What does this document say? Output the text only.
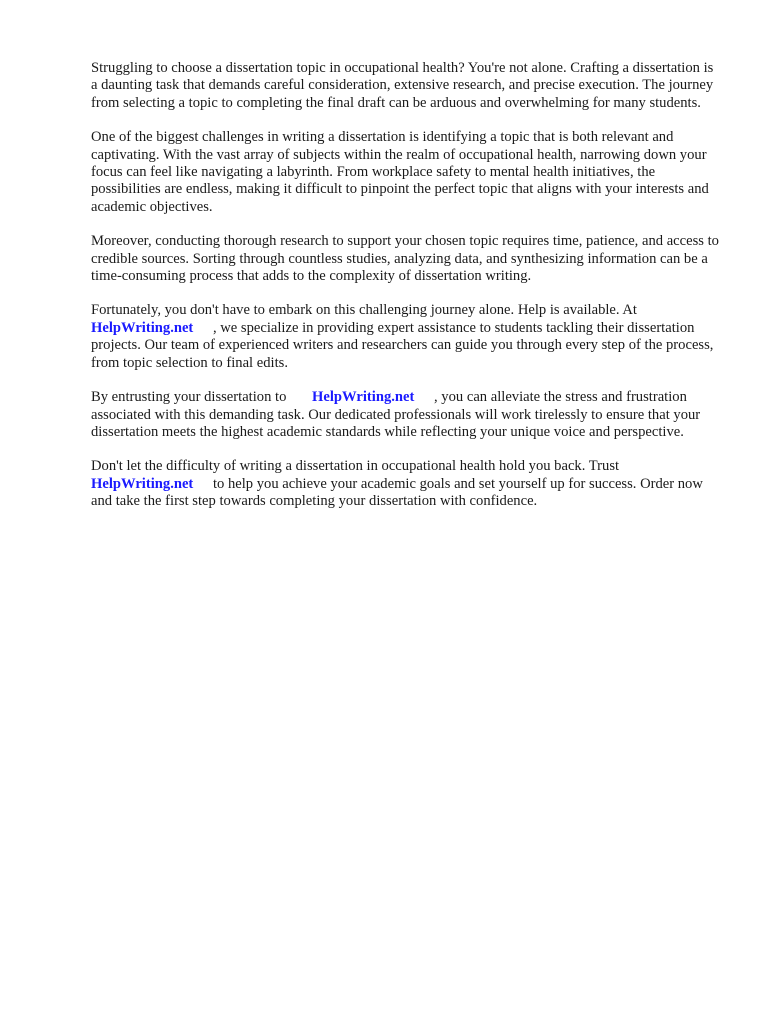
Struggling to choose a dissertation topic in occupational health? You're not alone. Crafting a dissertation is a daunting task that demands careful consideration, extensive research, and precise execution. The journey from selecting a topic to completing the final draft can be arduous and overwhelming for many students.

One of the biggest challenges in writing a dissertation is identifying a topic that is both relevant and captivating. With the vast array of subjects within the realm of occupational health, narrowing down your focus can feel like navigating a labyrinth. From workplace safety to mental health initiatives, the possibilities are endless, making it difficult to pinpoint the perfect topic that aligns with your interests and academic objectives.

Moreover, conducting thorough research to support your chosen topic requires time, patience, and access to credible sources. Sorting through countless studies, analyzing data, and synthesizing information can be a time-consuming process that adds to the complexity of dissertation writing.

Fortunately, you don't have to embark on this challenging journey alone. Help is available. At
HelpWriting.net , we specialize in providing expert assistance to students tackling their dissertation projects. Our team of experienced writers and researchers can guide you through every step of the process, from topic selection to final edits.

By entrusting your dissertation to HelpWriting.net , you can alleviate the stress and frustration associated with this demanding task. Our dedicated professionals will work tirelessly to ensure that your dissertation meets the highest academic standards while reflecting your unique voice and perspective.

Don't let the difficulty of writing a dissertation in occupational health hold you back. Trust
HelpWriting.net to help you achieve your academic goals and set yourself up for success. Order now and take the first step towards completing your dissertation with confidence.
